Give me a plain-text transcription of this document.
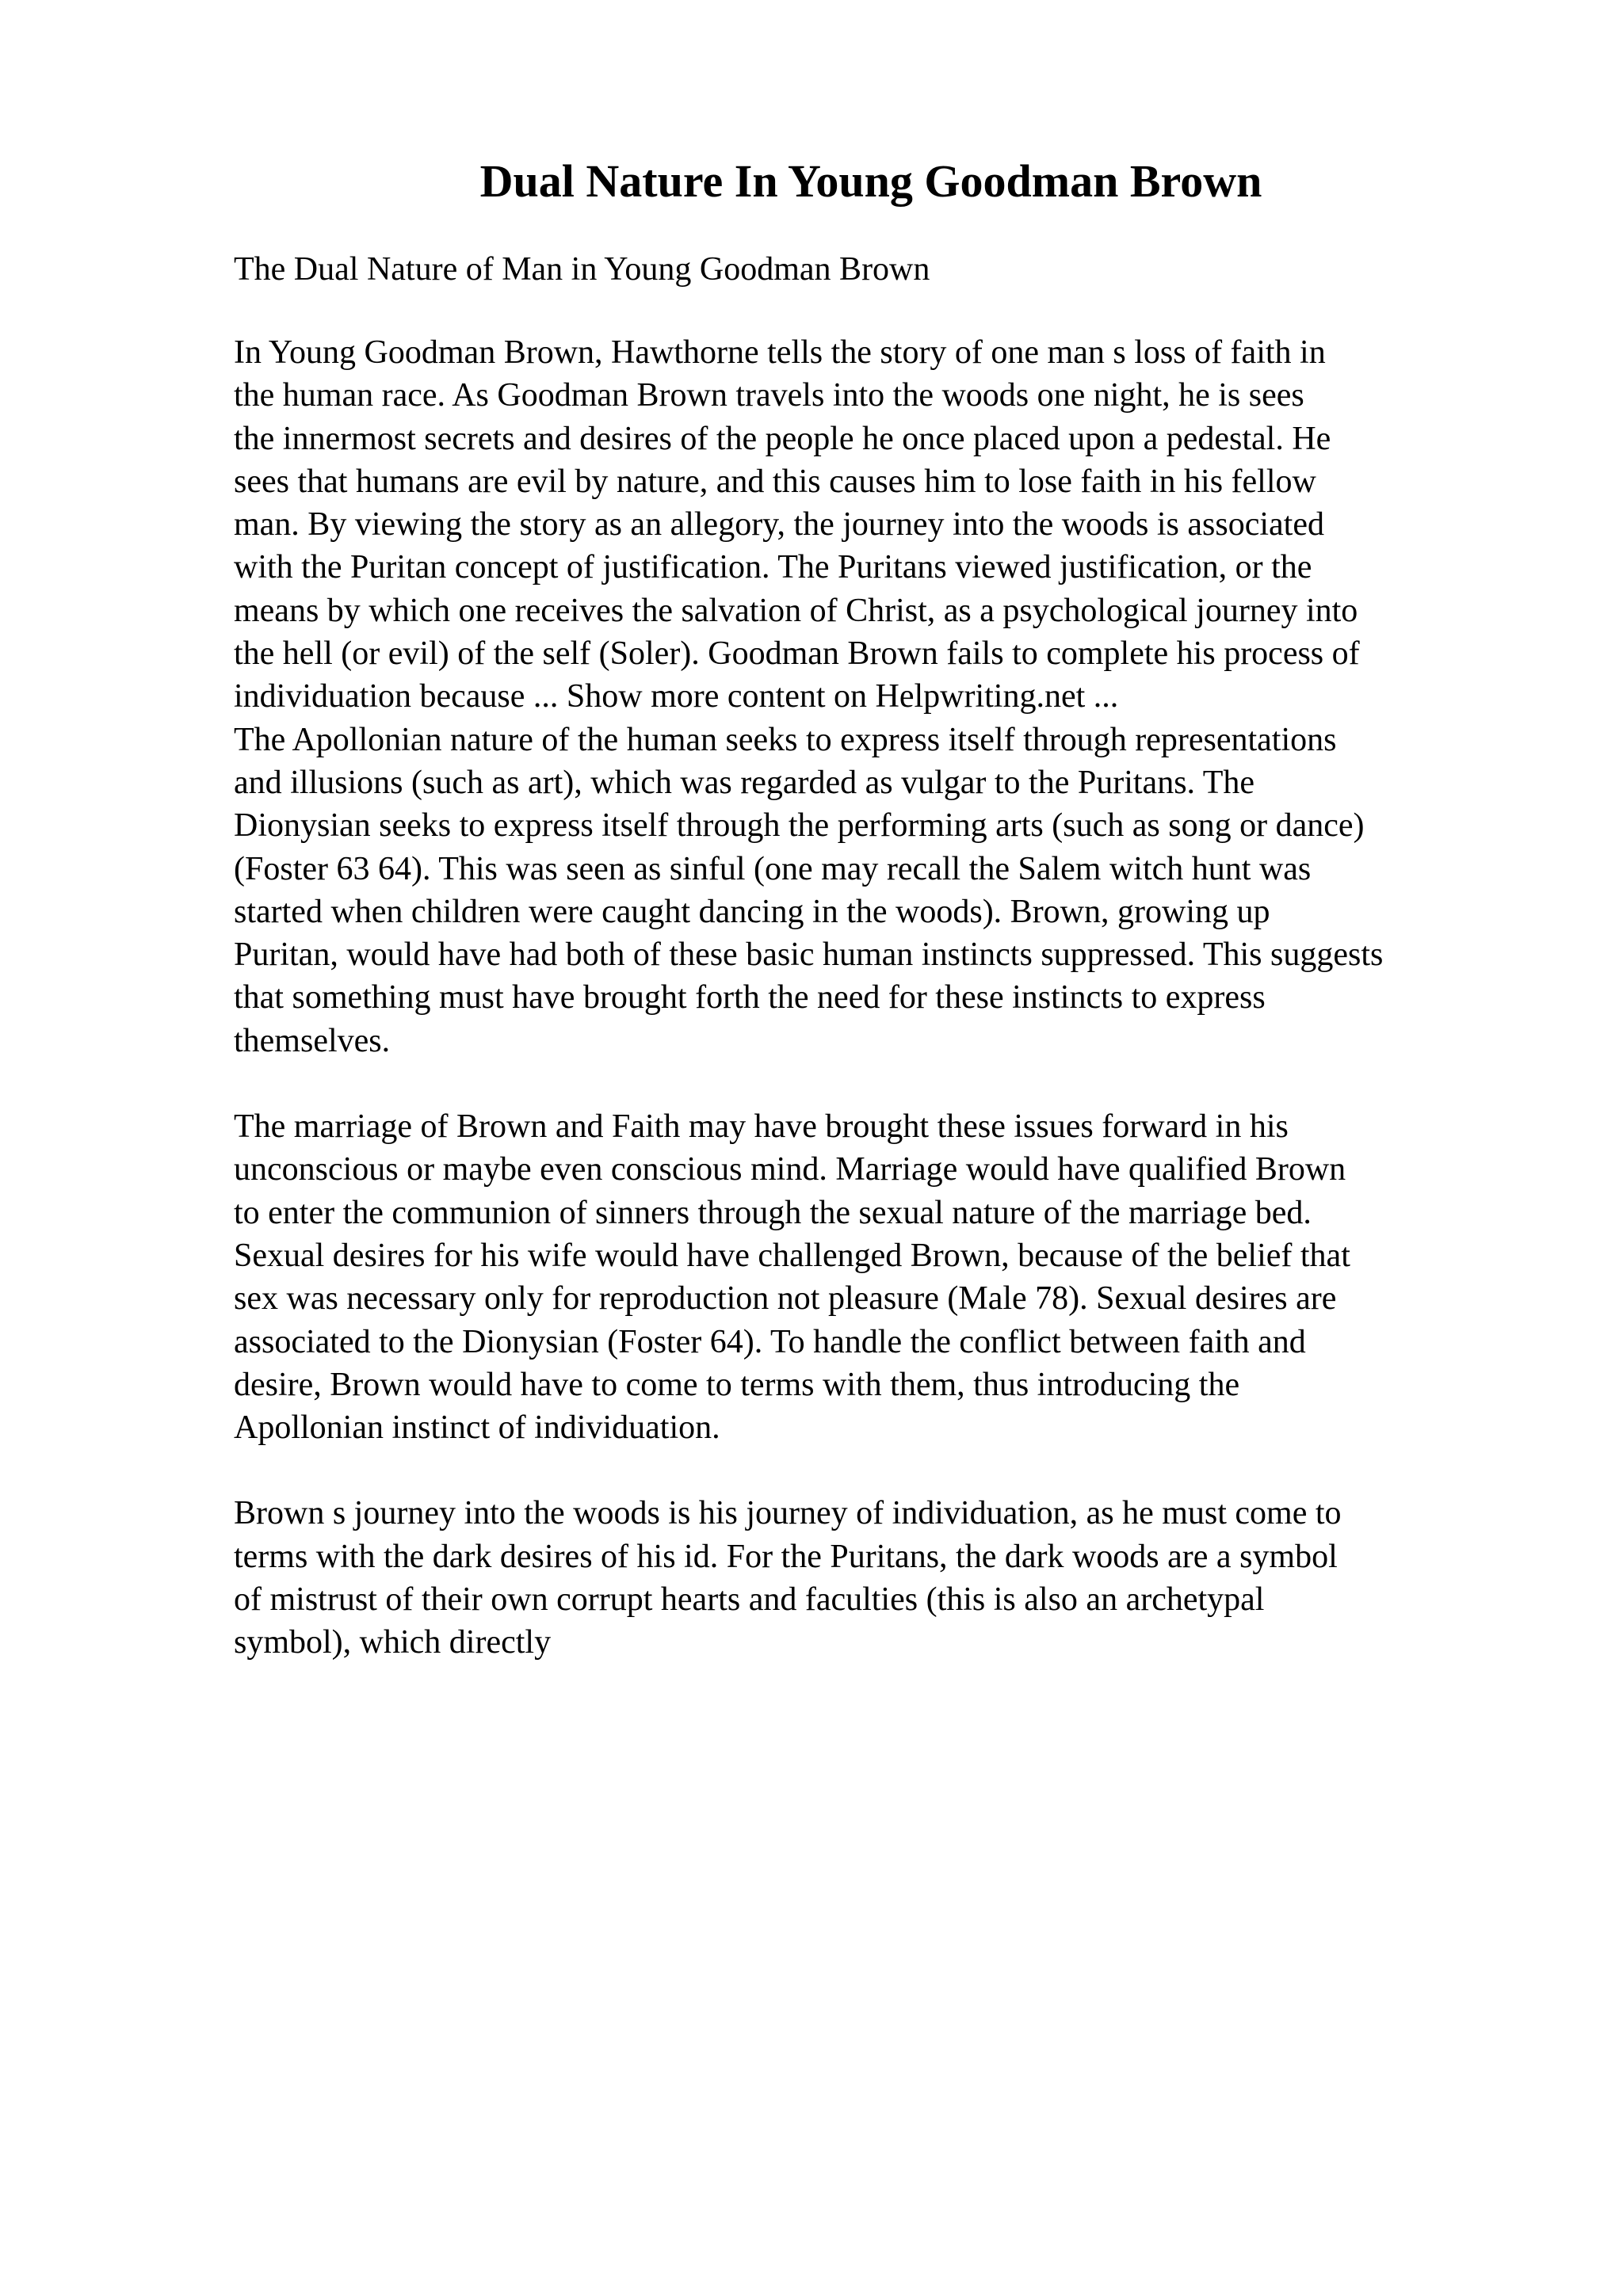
Dual Nature In Young Goodman Brown

The Dual Nature of Man in Young Goodman Brown

In Young Goodman Brown, Hawthorne tells the story of one man s loss of faith in
the human race. As Goodman Brown travels into the woods one night, he is sees
the innermost secrets and desires of the people he once placed upon a pedestal. He
sees that humans are evil by nature, and this causes him to lose faith in his fellow
man. By viewing the story as an allegory, the journey into the woods is associated
with the Puritan concept of justification. The Puritans viewed justification, or the
means by which one receives the salvation of Christ, as a psychological journey into
the hell (or evil) of the self (Soler). Goodman Brown fails to complete his process of
individuation because ... Show more content on Helpwriting.net ...

The Apollonian nature of the human seeks to express itself through representations
and illusions (such as art), which was regarded as vulgar to the Puritans. The
Dionysian seeks to express itself through the performing arts (such as song or dance)
(Foster 63 64). This was seen as sinful (one may recall the Salem witch hunt was
started when children were caught dancing in the woods). Brown, growing up
Puritan, would have had both of these basic human instincts suppressed. This suggests
that something must have brought forth the need for these instincts to express
themselves.

The marriage of Brown and Faith may have brought these issues forward in his
unconscious or maybe even conscious mind. Marriage would have qualified Brown
to enter the communion of sinners through the sexual nature of the marriage bed.
Sexual desires for his wife would have challenged Brown, because of the belief that
sex was necessary only for reproduction not pleasure (Male 78). Sexual desires are
associated to the Dionysian (Foster 64). To handle the conflict between faith and
desire, Brown would have to come to terms with them, thus introducing the
Apollonian instinct of individuation.

Brown s journey into the woods is his journey of individuation, as he must come to
terms with the dark desires of his id. For the Puritans, the dark woods are a symbol
of mistrust of their own corrupt hearts and faculties (this is also an archetypal
symbol), which directly
